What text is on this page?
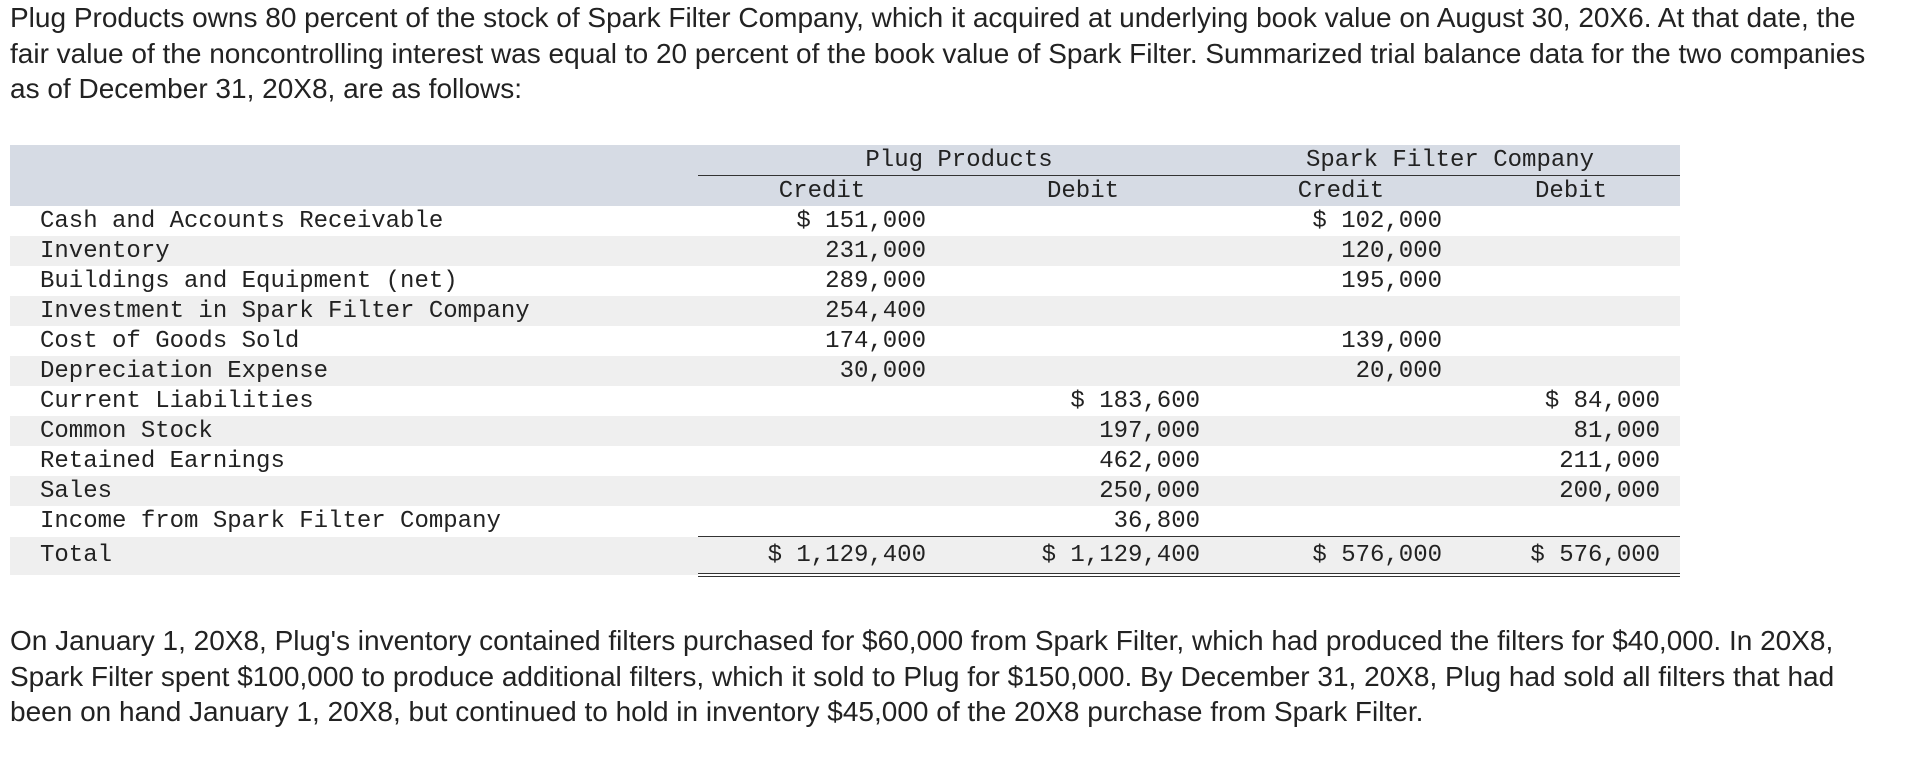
Plug Products owns 80 percent of the stock of Spark Filter Company, which it acquired at underlying book value on August 30, 20X6. At that date, the fair value of the noncontrolling interest was equal to 20 percent of the book value of Spark Filter. Summarized trial balance data for the two companies as of December 31, 20X8, are as follows:

	Plug Products		Spark Filter Company	
	Credit	Debit	Credit	Debit
Cash and Accounts Receivable	$ 151,000		$ 102,000	
Inventory	231,000		120,000	
Buildings and Equipment (net)	289,000		195,000	
Investment in Spark Filter Company	254,400			
Cost of Goods Sold	174,000		139,000	
Depreciation Expense	30,000		20,000	
Current Liabilities		$ 183,600		$ 84,000
Common Stock		197,000		81,000
Retained Earnings		462,000		211,000
Sales		250,000		200,000
Income from Spark Filter Company		36,800		
Total	$ 1,129,400	$ 1,129,400	$ 576,000	$ 576,000

On January 1, 20X8, Plug's inventory contained filters purchased for $60,000 from Spark Filter, which had produced the filters for $40,000. In 20X8, Spark Filter spent $100,000 to produce additional filters, which it sold to Plug for $150,000. By December 31, 20X8, Plug had sold all filters that had been on hand January 1, 20X8, but continued to hold in inventory $45,000 of the 20X8 purchase from Spark Filter.
